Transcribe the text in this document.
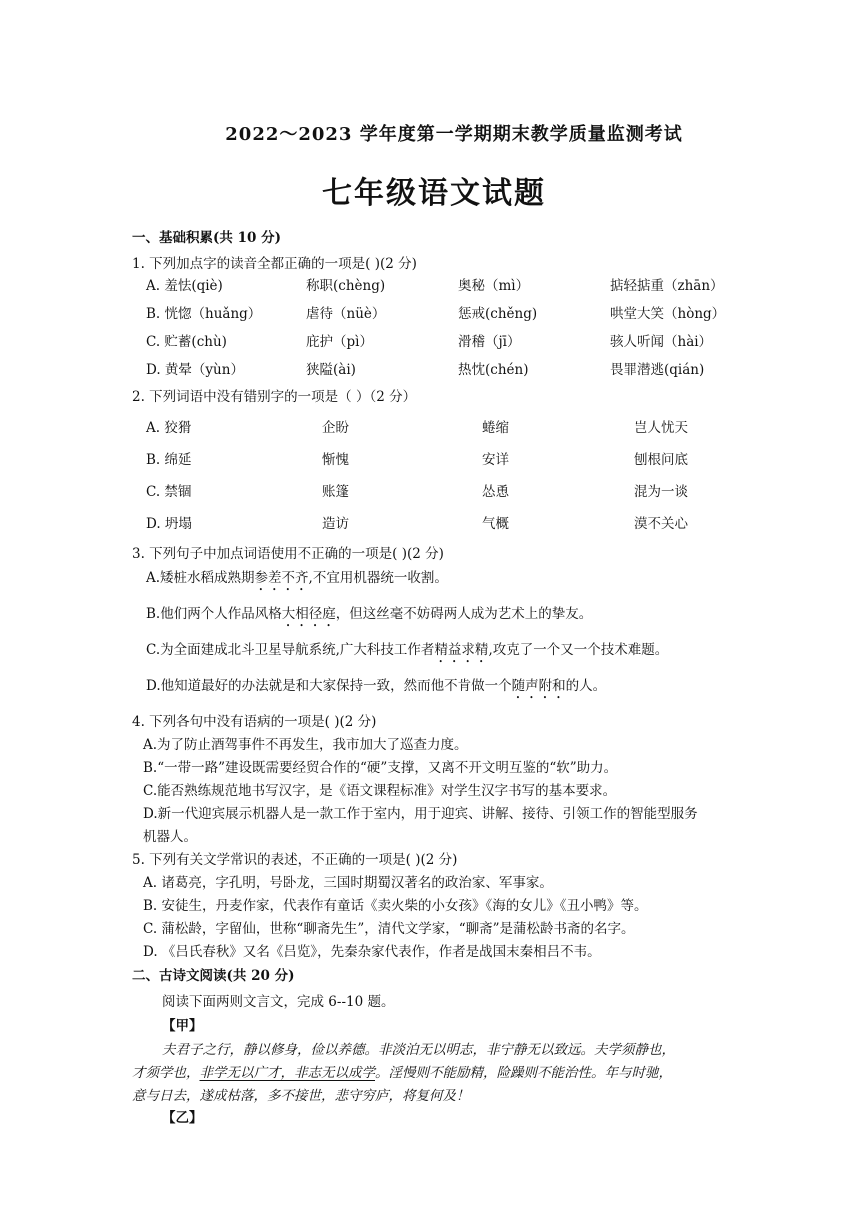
2022～2023 学年度第一学期期末教学质量监测考试
七年级语文试题
一、基础积累(共 10 分)
1. 下列加点字的读音全都正确的一项是( )(2 分)
A. 羞怯(qiè)	称职(chèng)	奥秘（mì）	掂轻掂重（zhān）
B. 恍惚（huǎng）	虐待（nüè）	惩戒(chěng)	哄堂大笑（hòng）
C. 贮蓄(chù)	庇护（pì）	滑稽（jī）	骇人听闻（hài）
D. 黄晕（yùn）	狭隘(ài)	热忱(chén)	畏罪潜逃(qián)
2. 下列词语中没有错别字的一项是（ ）（2 分）
A. 狡猾	企盼	蜷缩	岂人忧天
B. 绵延	惭愧	安详	刨根问底
C. 禁锢	账篷	怂恿	混为一谈
D. 坍塌	造访	气概	漠不关心
3. 下列句子中加点词语使用不正确的一项是( )(2 分)
A.矮桩水稻成熟期参差不齐,不宜用机器统一收割。
B.他们两个人作品风格大相径庭，但这丝毫不妨碍两人成为艺术上的挚友。
C.为全面建成北斗卫星导航系统,广大科技工作者精益求精,攻克了一个又一个技术难题。
D.他知道最好的办法就是和大家保持一致，然而他不肯做一个随声附和的人。
4. 下列各句中没有语病的一项是( )(2 分)
A.为了防止酒驾事件不再发生，我市加大了巡查力度。
B.“一带一路”建设既需要经贸合作的“硬”支撑，又离不开文明互鉴的“软”助力。
C.能否熟练规范地书写汉字，是《语文课程标准》对学生汉字书写的基本要求。
D.新一代迎宾展示机器人是一款工作于室内，用于迎宾、讲解、接待、引领工作的智能型服务
机器人。
5. 下列有关文学常识的表述，不正确的一项是( )(2 分)
A. 诸葛亮，字孔明，号卧龙，三国时期蜀汉著名的政治家、军事家。
B. 安徒生，丹麦作家，代表作有童话《卖火柴的小女孩》《海的女儿》《丑小鸭》等。
C. 蒲松龄，字留仙，世称“聊斋先生”，清代文学家，“聊斋”是蒲松龄书斋的名字。
D. 《吕氏春秋》又名《吕览》，先秦杂家代表作，作者是战国末秦相吕不韦。
二、古诗文阅读(共 20 分)
阅读下面两则文言文，完成 6--10 题。
【甲】
夫君子之行，静以修身，俭以养德。非淡泊无以明志，非宁静无以致远。夫学须静也，
才须学也，非学无以广才，非志无以成学。淫慢则不能励精，险躁则不能治性。年与时驰，
意与日去，遂成枯落，多不接世，悲守穷庐，将复何及！
【乙】
